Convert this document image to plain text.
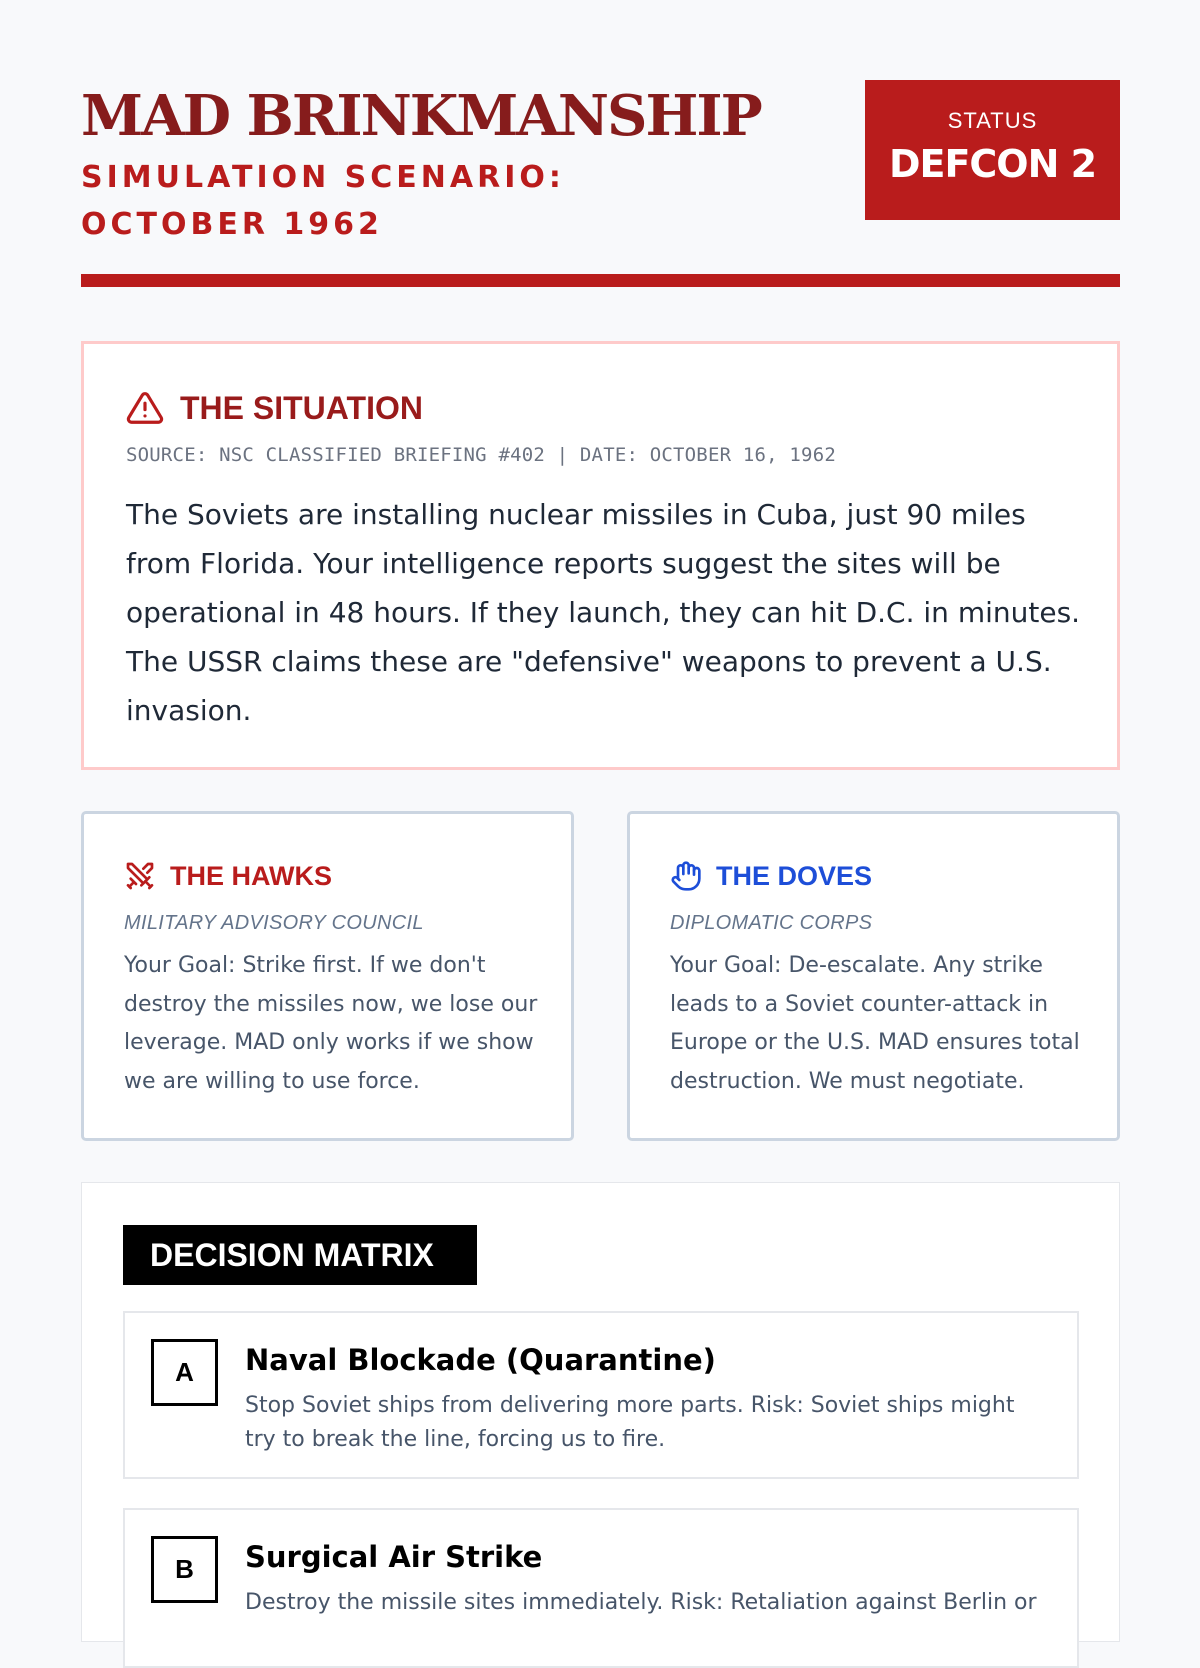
MAD BRINKMANSHIP
SIMULATION SCENARIO: OCTOBER 1962
STATUS
DEFCON 2
THE SITUATION
SOURCE: NSC CLASSIFIED BRIEFING #402 | DATE: OCTOBER 16, 1962

The Soviets are installing nuclear missiles in Cuba, just 90 miles from Florida. Your intelligence reports suggest the sites will be operational in 48 hours. If they launch, they can hit D.C. in minutes. The USSR claims these are "defensive" weapons to prevent a U.S. invasion.

THE HAWKS
MILITARY ADVISORY COUNCIL

Your Goal: Strike first. If we don't destroy the missiles now, we lose our leverage. MAD only works if we show we are willing to use force.

THE DOVES
DIPLOMATIC CORPS

Your Goal: De-escalate. Any strike leads to a Soviet counter-attack in Europe or the U.S. MAD ensures total destruction. We must negotiate.

DECISION MATRIX
A	Naval Blockade (Quarantine)
Stop Soviet ships from delivering more parts. Risk: Soviet ships might try to break the line, forcing us to fire.
B	Surgical Air Strike
Destroy the missile sites immediately. Risk: Retaliation against Berlin or
